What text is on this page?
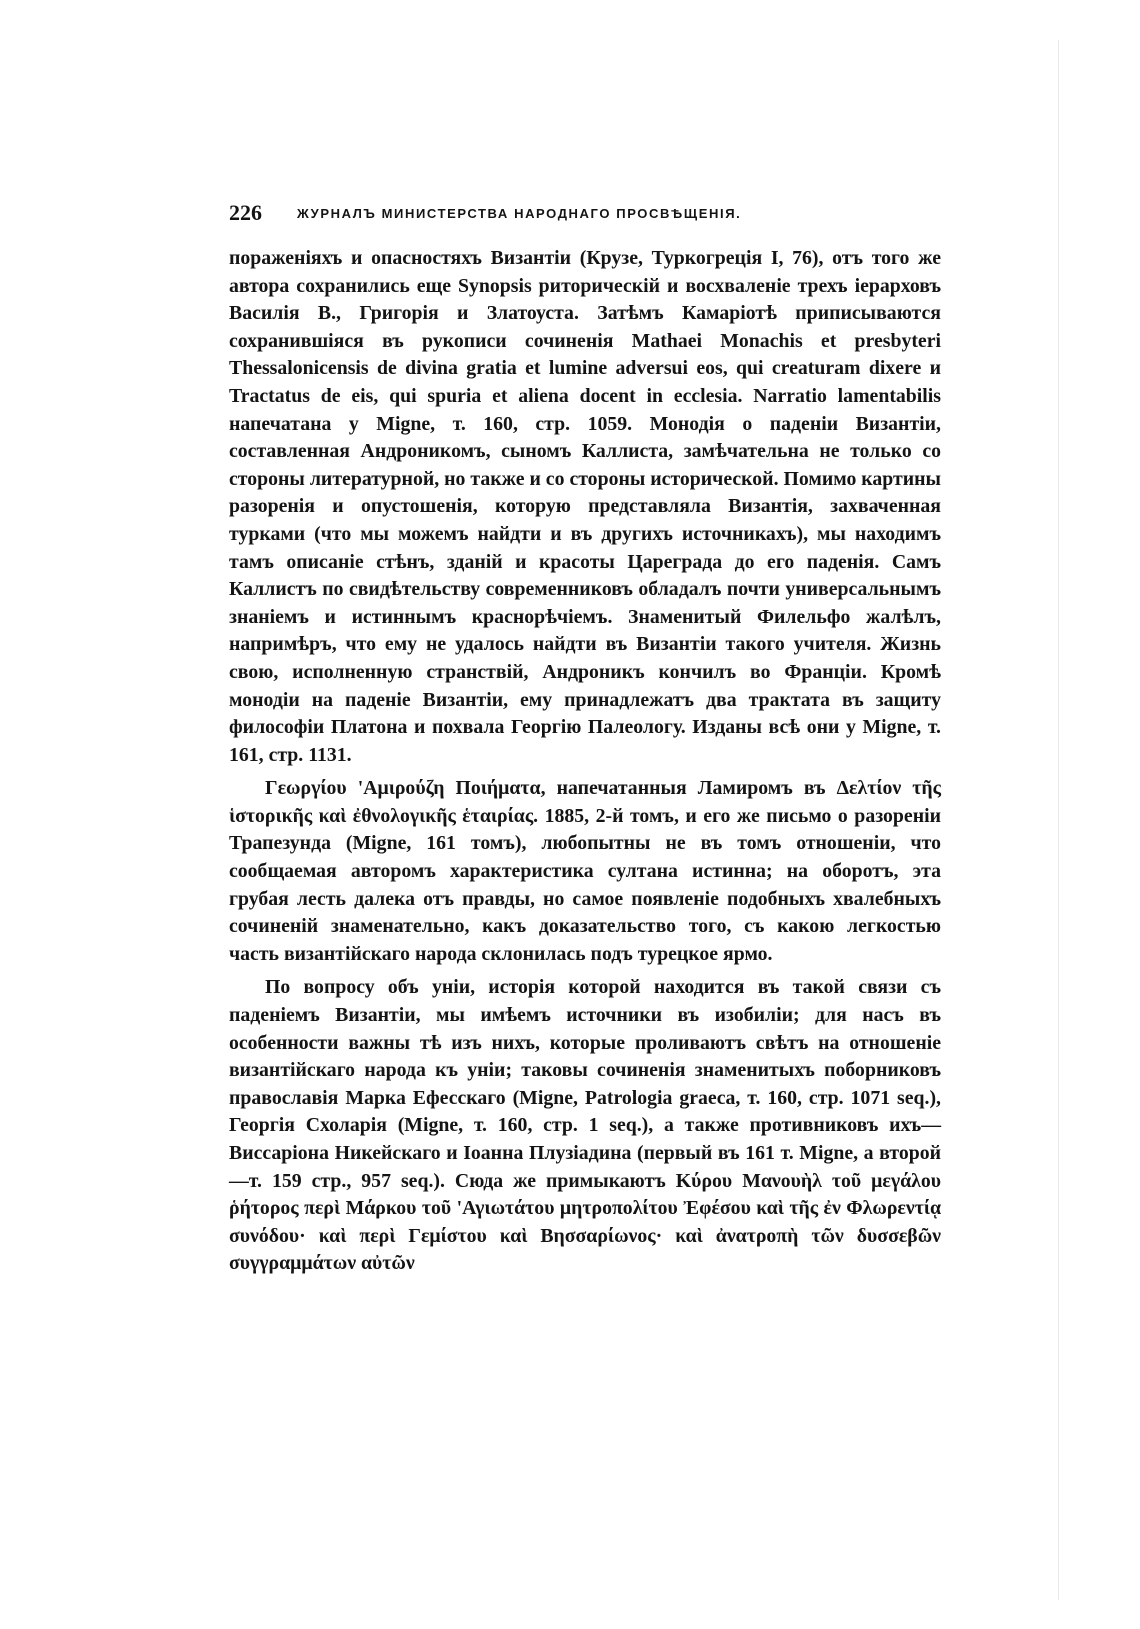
226	ЖУРНАЛЪ МИНИСТЕРСТВА НАРОДНАГО ПРОСВѢЩЕНІЯ.

пораженіяхъ и опасностяхъ Византіи (Крузе, Туркогреція I, 76), отъ того же автора сохранились еще Synopsis риторическій и восхваленіе трехъ іерарховъ Василія В., Григорія и Златоуста. Затѣмъ Камаріотѣ приписываются сохранившіяся въ рукописи сочиненія Mathaei Monachis et presbyteri Thessalonicensis de divina gratia et lumine adversui eos, qui creaturam dixere и Tractatus de eis, qui spuria et aliena docent in ecclesia. Narratio lamentabilis напечатана у Migne, т. 160, стр. 1059. Монодія о паденіи Византіи, составленная Андроникомъ, сыномъ Каллиста, замѣчательна не только со стороны литературной, но также и со стороны исторической. Помимо картины разоренія и опустошенія, которую представляла Византія, захваченная турками (что мы можемъ найдти и въ другихъ источникахъ), мы находимъ тамъ описаніе стѣнъ, зданій и красоты Цареграда до его паденія. Самъ Каллистъ по свидѣтельству современниковъ обладалъ почти универсальнымъ знаніемъ и истиннымъ краснорѣчіемъ. Знаменитый Филельфо жалѣлъ, напримѣръ, что ему не удалось найдти въ Византіи такого учителя. Жизнь свою, исполненную странствій, Андроникъ кончилъ во Франціи. Кромѣ монодіи на паденіе Византіи, ему принадлежатъ два трактата въ защиту философіи Платона и похвала Георгію Палеологу. Изданы всѣ они у Migne, т. 161, стр. 1131.

Γεωργίου 'Αμιρούζη Ποιήματα, напечатанныя Ламиромъ въ Δελτίον τῆς ἱστορικῆς καὶ ἐθνολογικῆς ἑταιρίας. 1885, 2-й томъ, и его же письмо о разореніи Трапезунда (Migne, 161 томъ), любопытны не въ томъ отношеніи, что сообщаемая авторомъ характеристика султана истинна; на оборотъ, эта грубая лесть далека отъ правды, но самое появленіе подобныхъ хвалебныхъ сочиненій знаменательно, какъ доказательство того, съ какою легкостью часть византійскаго народа склонилась подъ турецкое ярмо.

По вопросу объ уніи, исторія которой находится въ такой связи съ паденіемъ Византіи, мы имѣемъ источники въ изобиліи; для насъ въ особенности важны тѣ изъ нихъ, которые проливаютъ свѣтъ на отношеніе византійскаго народа къ уніи; таковы сочиненія знаменитыхъ поборниковъ православія Марка Ефесскаго (Migne, Patrologia graeca, т. 160, стр. 1071 seq.), Георгія Схоларія (Migne, т. 160, стр. 1 seq.), а также противниковъ ихъ—Виссаріона Никейскаго и Іоанна Плузіадина (первый въ 161 т. Migne, а второй—т. 159 стр., 957 seq.). Сюда же примыкаютъ Κύρου Μανουὴλ τοῦ μεγάλου ῥήτορος περὶ Μάρκου τοῦ 'Αγιωτάτου μητροπολίτου Ἐφέσου καὶ τῆς ἐν Φλωρεντίᾳ συνόδου· καὶ περὶ Γεμίστου καὶ Βησσαρίωνος· καὶ ἀνατροπὴ τῶν δυσσεβῶν συγγραμμάτων αὐτῶν
